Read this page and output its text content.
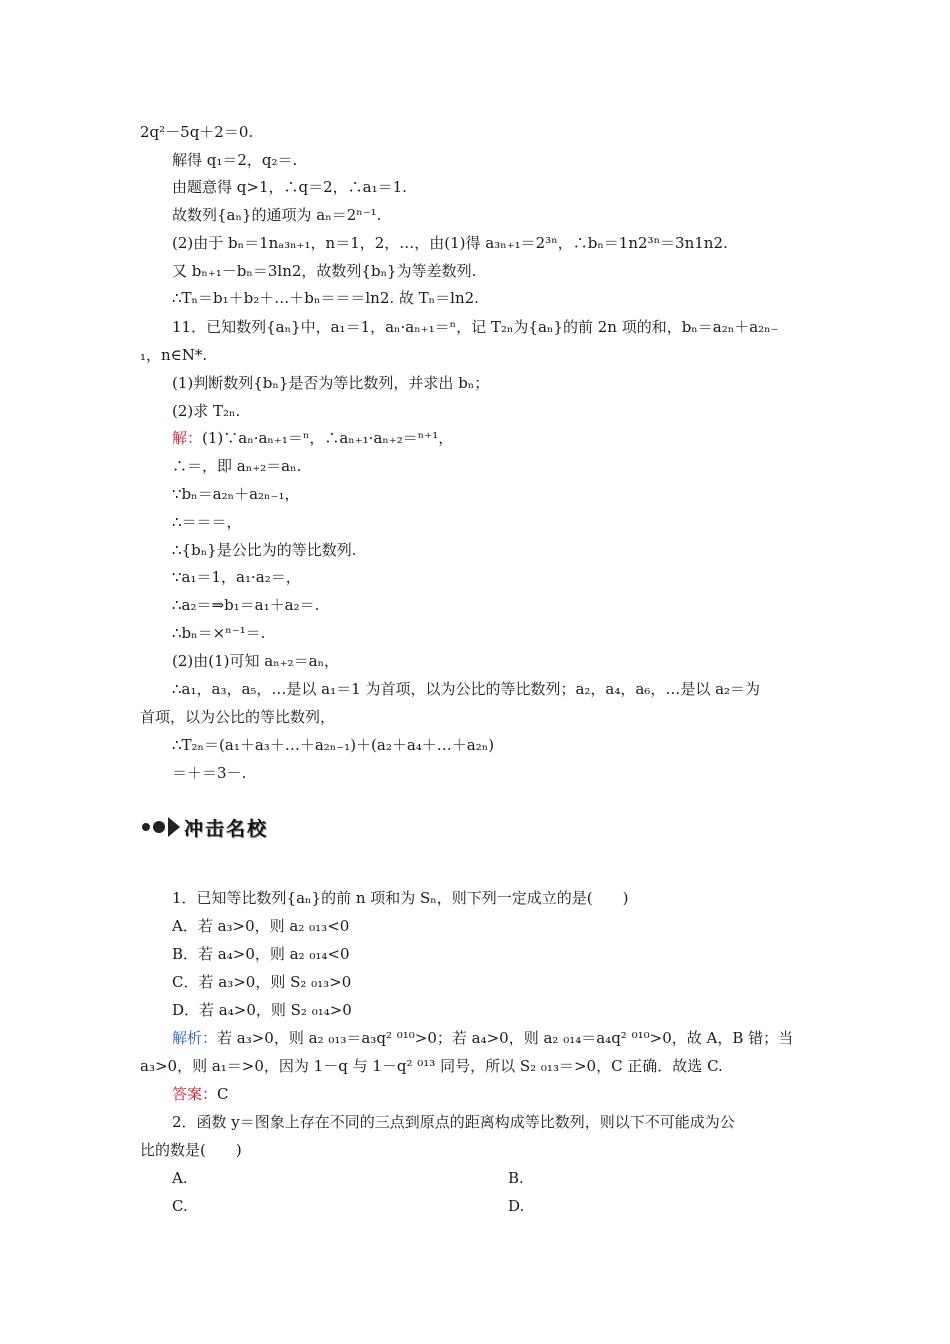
2q²－5q＋2＝0.
解得 q₁＝2，q₂＝.
由题意得 q>1，∴q＝2，∴a₁＝1.
故数列{aₙ}的通项为 aₙ＝2ⁿ⁻¹.
(2)由于 bₙ＝1nₐ₃ₙ₊₁，n＝1，2，…，由(1)得 a₃ₙ₊₁＝2³ⁿ，∴bₙ＝1n2³ⁿ＝3n1n2.
又 bₙ₊₁－bₙ＝3ln2，故数列{bₙ}为等差数列.
∴Tₙ＝b₁＋b₂＋…＋bₙ＝＝＝ln2. 故 Tₙ＝ln2.
11．已知数列{aₙ}中，a₁＝1，aₙ·aₙ₊₁＝ⁿ，记 T₂ₙ为{aₙ}的前 2n 项的和，bₙ＝a₂ₙ＋a₂ₙ₋
₁，n∈N*.
(1)判断数列{bₙ}是否为等比数列，并求出 bₙ；
(2)求 T₂ₙ.
解：(1)∵aₙ·aₙ₊₁＝ⁿ，∴aₙ₊₁·aₙ₊₂＝ⁿ⁺¹，
∴＝，即 aₙ₊₂＝aₙ.
∵bₙ＝a₂ₙ＋a₂ₙ₋₁，
∴＝＝＝，
∴{bₙ}是公比为的等比数列.
∵a₁＝1，a₁·a₂＝，
∴a₂＝⇒b₁＝a₁＋a₂＝.
∴bₙ＝×ⁿ⁻¹＝.
(2)由(1)可知 aₙ₊₂＝aₙ，
∴a₁，a₃，a₅，…是以 a₁＝1 为首项，以为公比的等比数列；a₂，a₄，a₆，…是以 a₂＝为
首项，以为公比的等比数列，
∴T₂ₙ＝(a₁＋a₃＋…＋a₂ₙ₋₁)＋(a₂＋a₄＋…＋a₂ₙ)
＝＋＝3－.
冲击名校
1．已知等比数列{aₙ}的前 n 项和为 Sₙ，则下列一定成立的是(　　)
A．若 a₃>0，则 a₂ ₀₁₃<0
B．若 a₄>0，则 a₂ ₀₁₄<0
C．若 a₃>0，则 S₂ ₀₁₃>0
D．若 a₄>0，则 S₂ ₀₁₄>0
解析：若 a₃>0，则 a₂ ₀₁₃＝a₃q² ⁰¹⁰>0；若 a₄>0，则 a₂ ₀₁₄＝a₄q² ⁰¹⁰>0，故 A，B 错；当
a₃>0，则 a₁＝>0，因为 1－q 与 1－q² ⁰¹³ 同号，所以 S₂ ₀₁₃＝>0，C 正确．故选 C.
答案：C
2．函数 y＝图象上存在不同的三点到原点的距离构成等比数列，则以下不可能成为公
比的数是(　　)
A.	B.
C.	D.
